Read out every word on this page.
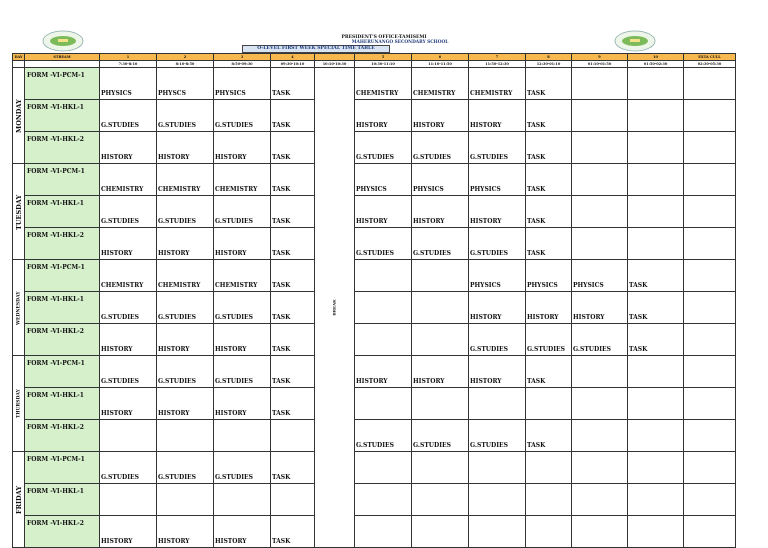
PRESIDENT'S OFFICE-TAMISEMI
MAHERUNANGO SECONDARY SCHOOL
O-LEVEL FIRST WEEK SPECIAL TIME TABLE
DAY	STREAM	1	2	3	4		5	6	7	8	9	10	EXTA CULL
		7:30-8:10	8:10-8:50	8:50-09:30	09:30-10:10	10:10-10:30	10:30-11:10	11:10-11:50	11:50-12:30	12:30-01:10	01:10-01:50	01:50-02:30	02:30-05:30
MONDAY	FORM -VI-PCM-1	PHYSICS	PHYSCS	PHYSICS	TASK	BREAK	CHEMISTRY	CHEMISTRY	CHEMISTRY	TASK			
	FORM -VI-HKL-1	G.STUDIES	G.STUDIES	G.STUDIES	TASK		HISTORY	HISTORY	HISTORY	TASK			
	FORM -VI-HKL-2	HISTORY	HISTORY	HISTORY	TASK		G.STUDIES	G.STUDIES	G.STUDIES	TASK			
TUESDAY	FORM -VI-PCM-1	CHEMISTRY	CHEMISTRY	CHEMISTRY	TASK		PHYSICS	PHYSICS	PHYSICS	TASK			
	FORM -VI-HKL-1	G.STUDIES	G.STUDIES	G.STUDIES	TASK		HISTORY	HISTORY	HISTORY	TASK			
	FORM -VI-HKL-2	HISTORY	HISTORY	HISTORY	TASK		G.STUDIES	G.STUDIES	G.STUDIES	TASK			
WEDNESDAY	FORM -VI-PCM-1	CHEMISTRY	CHEMISTRY	CHEMISTRY	TASK				PHYSICS	PHYSICS	PHYSICS	TASK	
	FORM -VI-HKL-1	G.STUDIES	G.STUDIES	G.STUDIES	TASK				HISTORY	HISTORY	HISTORY	TASK	
	FORM -VI-HKL-2	HISTORY	HISTORY	HISTORY	TASK				G.STUDIES	G.STUDIES	G.STUDIES	TASK	
THURSDAY	FORM -VI-PCM-1	G.STUDIES	G.STUDIES	G.STUDIES	TASK		HISTORY	HISTORY	HISTORY	TASK			
	FORM -VI-HKL-1	HISTORY	HISTORY	HISTORY	TASK								
	FORM -VI-HKL-2						G.STUDIES	G.STUDIES	G.STUDIES	TASK			
FRIDAY	FORM -VI-PCM-1	G.STUDIES	G.STUDIES	G.STUDIES	TASK								
	FORM -VI-HKL-1												
	FORM -VI-HKL-2	HISTORY	HISTORY	HISTORY	TASK								
